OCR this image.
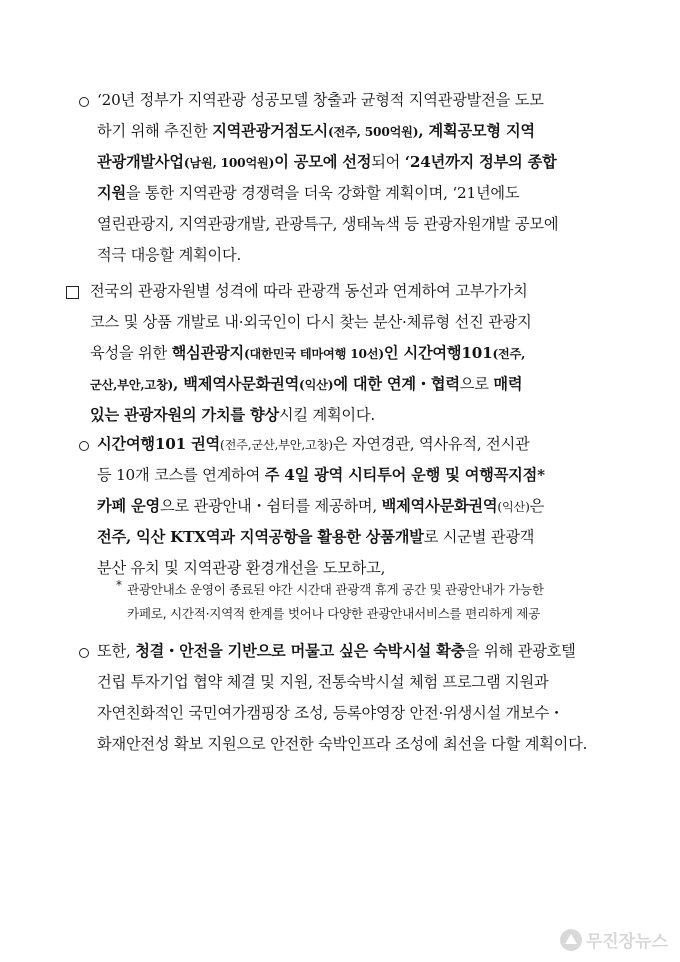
‘20년 정부가 지역관광 성공모델 창출과 균형적 지역관광발전을 도모
하기 위해 추진한 지역관광거점도시(전주, 500억원), 계획공모형 지역
관광개발사업(남원, 100억원)이 공모에 선정되어 ‘24년까지 정부의 종합
지원을 통한 지역관광 경쟁력을 더욱 강화할 계획이며, ‘21년에도
열린관광지, 지역관광개발, 관광특구, 생태녹색 등 관광자원개발 공모에
적극 대응할 계획이다.
전국의 관광자원별 성격에 따라 관광객 동선과 연계하여 고부가가치
코스 및 상품 개발로 내·외국인이 다시 찾는 분산·체류형 선진 관광지
육성을 위한 핵심관광지(대한민국 테마여행 10선)인 시간여행101(전주,
군산,부안,고창), 백제역사문화권역(익산)에 대한 연계・협력으로 매력
있는 관광자원의 가치를 향상시킬 계획이다.
시간여행101 권역(전주,군산,부안,고창)은 자연경관, 역사유적, 전시관
등 10개 코스를 연계하여 주 4일 광역 시티투어 운행 및 여행꼭지점*
카페 운영으로 관광안내・쉼터를 제공하며, 백제역사문화권역(익산)은
전주, 익산 KTX역과 지역공항을 활용한 상품개발로 시군별 관광객
분산 유치 및 지역관광 환경개선을 도모하고,
* 관광안내소 운영이 종료된 야간 시간대 관광객 휴게 공간 및 관광안내가 가능한
카페로, 시간적·지역적 한계를 벗어나 다양한 관광안내서비스를 편리하게 제공
또한, 청결・안전을 기반으로 머물고 싶은 숙박시설 확충을 위해 관광호텔
건립 투자기업 협약 체결 및 지원, 전통숙박시설 체험 프로그램 지원과
자연친화적인 국민여가캠핑장 조성, 등록야영장 안전·위생시설 개보수・
화재안전성 확보 지원으로 안전한 숙박인프라 조성에 최선을 다할 계획이다.
무진장뉴스
